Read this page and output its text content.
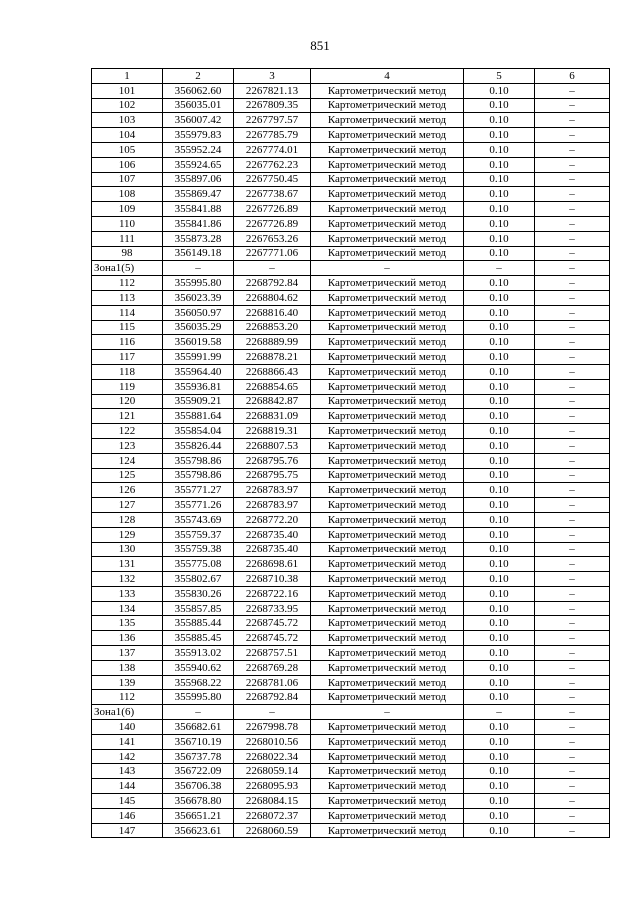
851
1	2	3	4	5	6
101	356062.60	2267821.13	Картометрический метод	0.10	–
102	356035.01	2267809.35	Картометрический метод	0.10	–
103	356007.42	2267797.57	Картометрический метод	0.10	–
104	355979.83	2267785.79	Картометрический метод	0.10	–
105	355952.24	2267774.01	Картометрический метод	0.10	–
106	355924.65	2267762.23	Картометрический метод	0.10	–
107	355897.06	2267750.45	Картометрический метод	0.10	–
108	355869.47	2267738.67	Картометрический метод	0.10	–
109	355841.88	2267726.89	Картометрический метод	0.10	–
110	355841.86	2267726.89	Картометрический метод	0.10	–
111	355873.28	2267653.26	Картометрический метод	0.10	–
98	356149.18	2267771.06	Картометрический метод	0.10	–
Зона1(5)	–	–	–	–	–
112	355995.80	2268792.84	Картометрический метод	0.10	–
113	356023.39	2268804.62	Картометрический метод	0.10	–
114	356050.97	2268816.40	Картометрический метод	0.10	–
115	356035.29	2268853.20	Картометрический метод	0.10	–
116	356019.58	2268889.99	Картометрический метод	0.10	–
117	355991.99	2268878.21	Картометрический метод	0.10	–
118	355964.40	2268866.43	Картометрический метод	0.10	–
119	355936.81	2268854.65	Картометрический метод	0.10	–
120	355909.21	2268842.87	Картометрический метод	0.10	–
121	355881.64	2268831.09	Картометрический метод	0.10	–
122	355854.04	2268819.31	Картометрический метод	0.10	–
123	355826.44	2268807.53	Картометрический метод	0.10	–
124	355798.86	2268795.76	Картометрический метод	0.10	–
125	355798.86	2268795.75	Картометрический метод	0.10	–
126	355771.27	2268783.97	Картометрический метод	0.10	–
127	355771.26	2268783.97	Картометрический метод	0.10	–
128	355743.69	2268772.20	Картометрический метод	0.10	–
129	355759.37	2268735.40	Картометрический метод	0.10	–
130	355759.38	2268735.40	Картометрический метод	0.10	–
131	355775.08	2268698.61	Картометрический метод	0.10	–
132	355802.67	2268710.38	Картометрический метод	0.10	–
133	355830.26	2268722.16	Картометрический метод	0.10	–
134	355857.85	2268733.95	Картометрический метод	0.10	–
135	355885.44	2268745.72	Картометрический метод	0.10	–
136	355885.45	2268745.72	Картометрический метод	0.10	–
137	355913.02	2268757.51	Картометрический метод	0.10	–
138	355940.62	2268769.28	Картометрический метод	0.10	–
139	355968.22	2268781.06	Картометрический метод	0.10	–
112	355995.80	2268792.84	Картометрический метод	0.10	–
Зона1(6)	–	–	–	–	–
140	356682.61	2267998.78	Картометрический метод	0.10	–
141	356710.19	2268010.56	Картометрический метод	0.10	–
142	356737.78	2268022.34	Картометрический метод	0.10	–
143	356722.09	2268059.14	Картометрический метод	0.10	–
144	356706.38	2268095.93	Картометрический метод	0.10	–
145	356678.80	2268084.15	Картометрический метод	0.10	–
146	356651.21	2268072.37	Картометрический метод	0.10	–
147	356623.61	2268060.59	Картометрический метод	0.10	–
